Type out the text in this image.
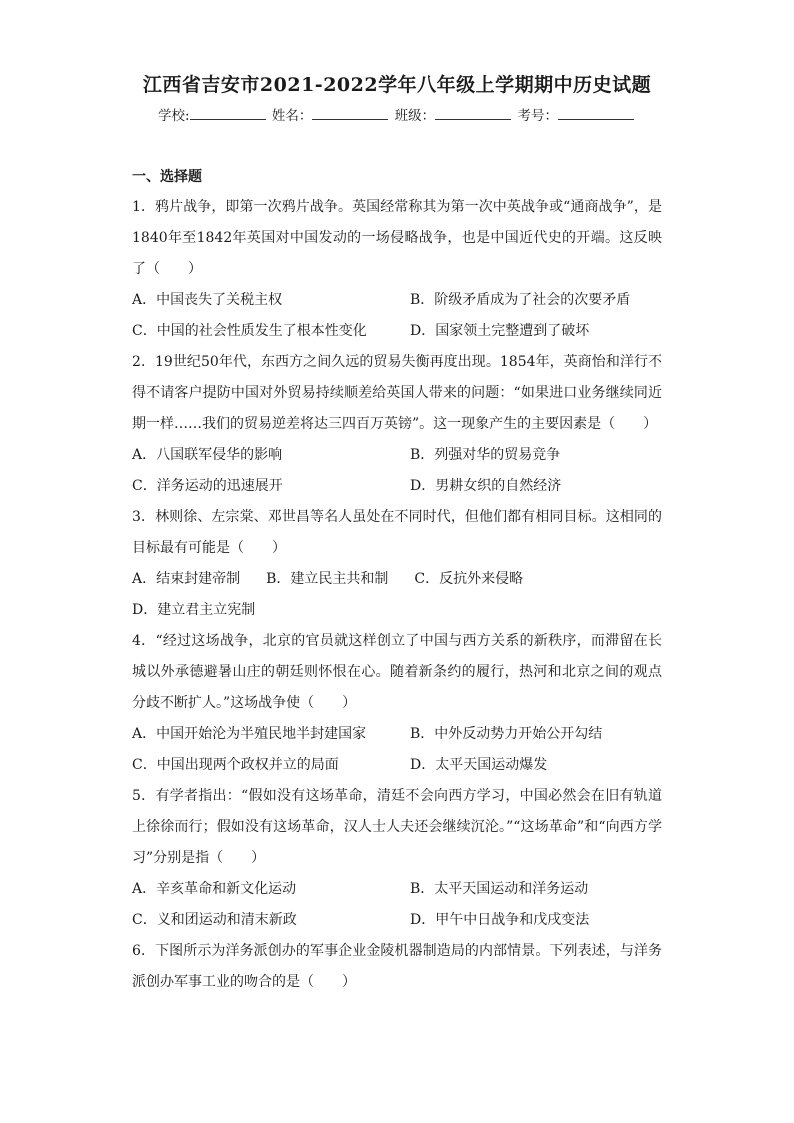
江西省吉安市2021-2022学年八年级上学期期中历史试题
学校:	姓名：	班级：	考号：
一、选择题
1．鸦片战争，即第一次鸦片战争。英国经常称其为第一次中英战争或“通商战争”，是1840年至1842年英国对中国发动的一场侵略战争，也是中国近代史的开端。这反映了（　　）
A．中国丧失了关税主权	B．阶级矛盾成为了社会的次要矛盾
C．中国的社会性质发生了根本性变化	D．国家领土完整遭到了破坏
2．19世纪50年代，东西方之间久远的贸易失衡再度出现。1854年，英商怡和洋行不得不请客户提防中国对外贸易持续顺差给英国人带来的问题：“如果进口业务继续同近期一样……我们的贸易逆差将达三四百万英镑”。这一现象产生的主要因素是（　　）
A．八国联军侵华的影响	B．列强对华的贸易竞争
C．洋务运动的迅速展开	D．男耕女织的自然经济
3．林则徐、左宗棠、邓世昌等名人虽处在不同时代，但他们都有相同目标。这相同的目标最有可能是（　　）
A．结束封建帝制 B．建立民主共和制 C．反抗外来侵略
D．建立君主立宪制
4．“经过这场战争，北京的官员就这样创立了中国与西方关系的新秩序，而滞留在长城以外承德避暑山庄的朝廷则怀恨在心。随着新条约的履行，热河和北京之间的观点分歧不断扩人。”这场战争使（　　）
A．中国开始沦为半殖民地半封建国家	B．中外反动势力开始公开勾结
C．中国出现两个政权并立的局面	D．太平天国运动爆发
5．有学者指出：“假如没有这场革命，清廷不会向西方学习，中国必然会在旧有轨道上徐徐而行；假如没有这场革命，汉人士人夫还会继续沉沦。”“这场革命”和“向西方学习”分别是指（　　）
A．辛亥革命和新文化运动	B．太平天国运动和洋务运动
C．义和团运动和清末新政	D．甲午中日战争和戊戌变法
6．下图所示为洋务派创办的军事企业金陵机器制造局的内部情景。下列表述，与洋务派创办军事工业的吻合的是（　　）
